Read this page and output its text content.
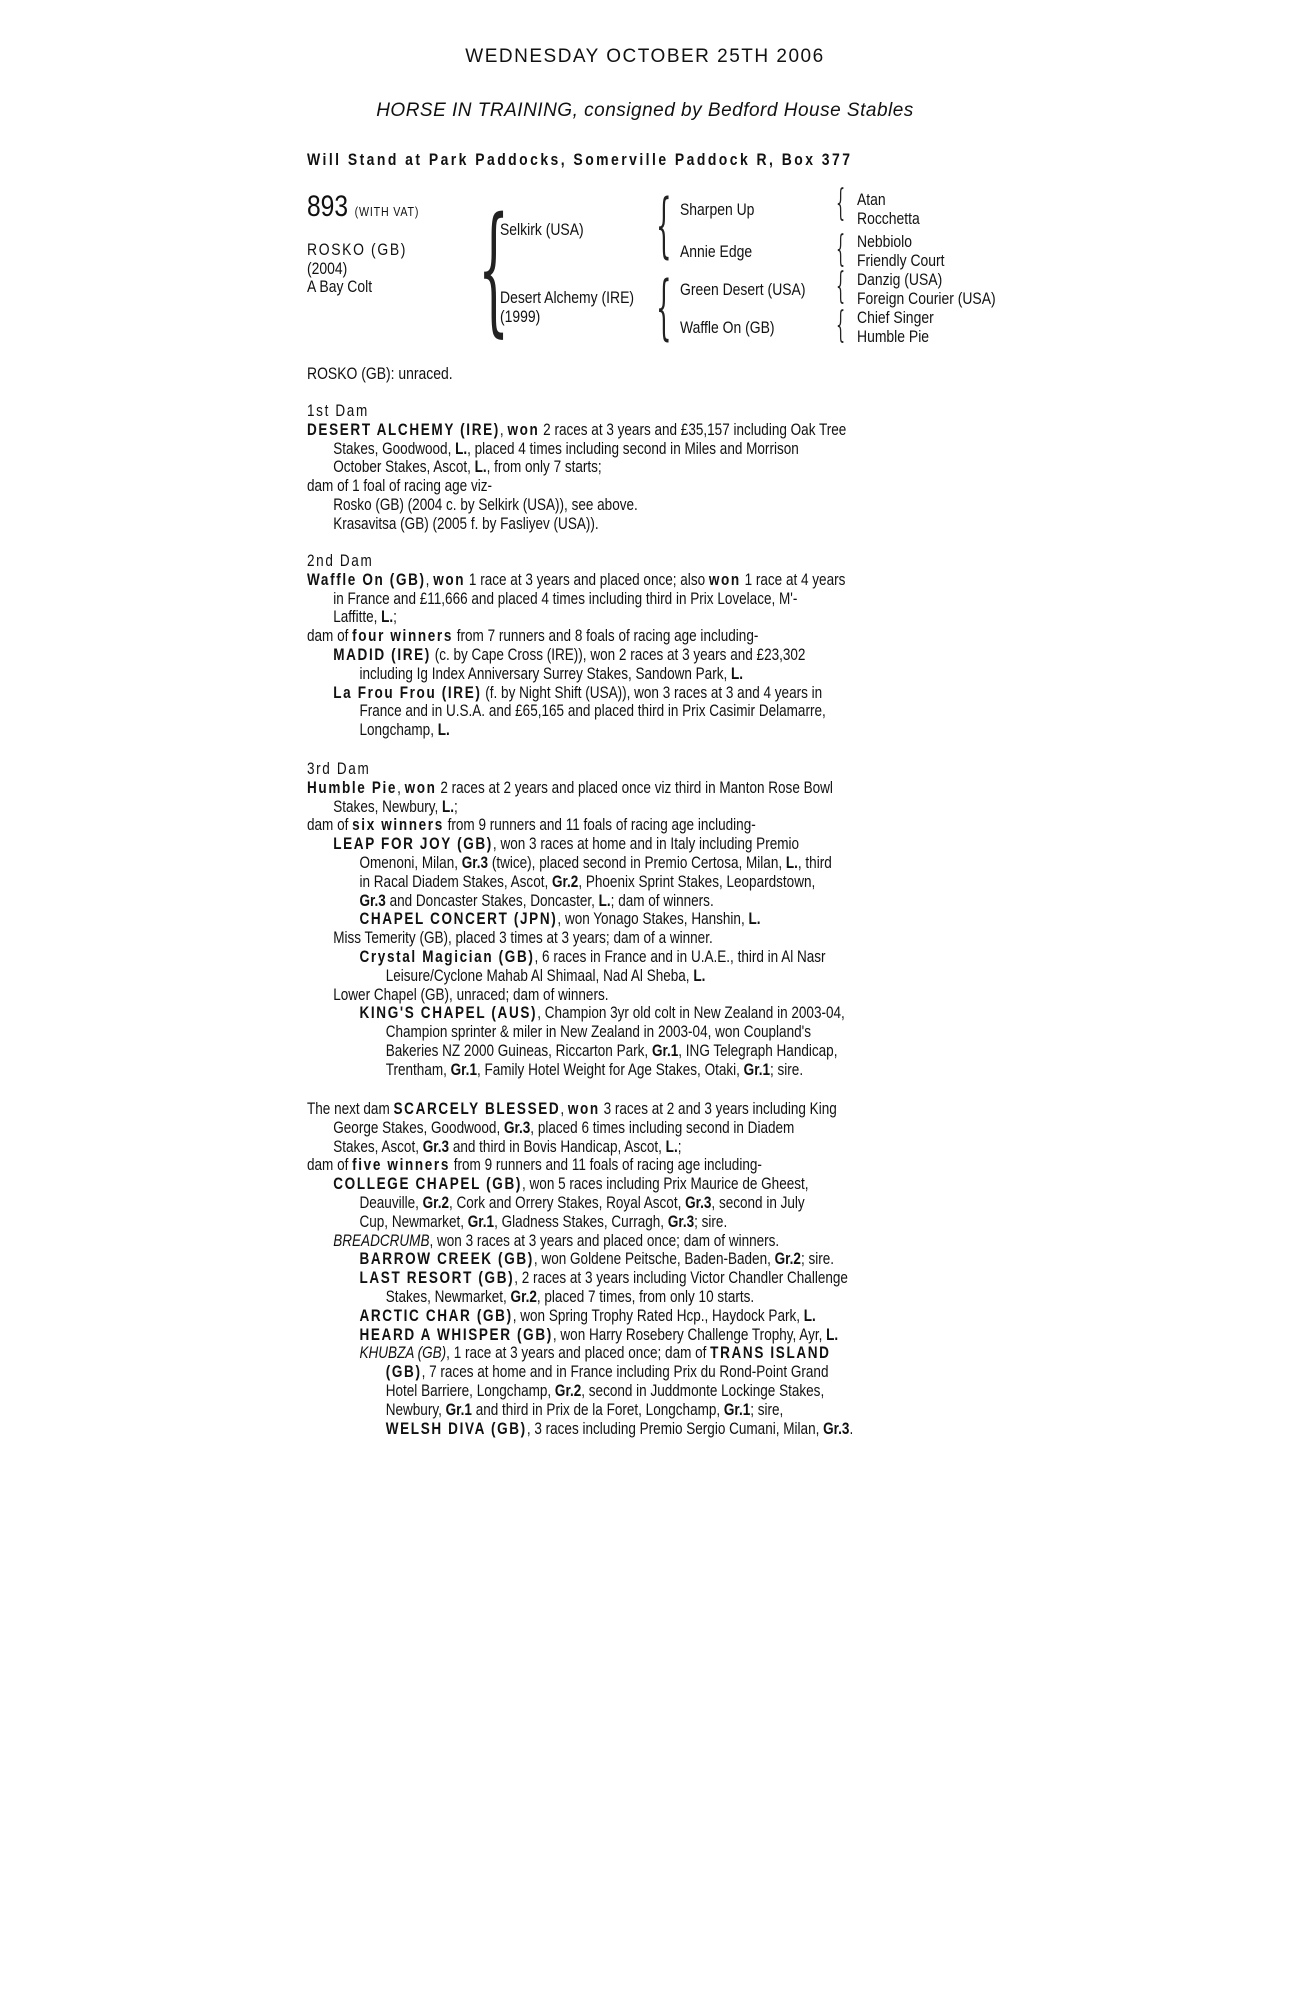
WEDNESDAY OCTOBER 25TH 2006
HORSE IN TRAINING, consigned by Bedford House Stables
Will Stand at Park Paddocks, Somerville Paddock R, Box 377
893 (WITH VAT)
ROSKO (GB)
(2004)
A Bay Colt { {
{
{
{
{
{
Selkirk (USA)
Desert Alchemy (IRE)
(1999)
Sharpen Up
Annie Edge
Green Desert (USA)
Waffle On (GB)
Atan
Rocchetta
Nebbiolo
Friendly Court
Danzig (USA)
Foreign Courier (USA)
Chief Singer
Humble Pie
ROSKO (GB): unraced.
1st Dam
DESERT ALCHEMY (IRE), won 2 races at 3 years and £35,157 including Oak Tree
Stakes, Goodwood, L., placed 4 times including second in Miles and Morrison
October Stakes, Ascot, L., from only 7 starts;
dam of 1 foal of racing age viz-
Rosko (GB) (2004 c. by Selkirk (USA)), see above.
Krasavitsa (GB) (2005 f. by Fasliyev (USA)).
2nd Dam
Waffle On (GB), won 1 race at 3 years and placed once; also won 1 race at 4 years
in France and £11,666 and placed 4 times including third in Prix Lovelace, M'-
Laffitte, L.;
dam of four winners from 7 runners and 8 foals of racing age including-
MADID (IRE) (c. by Cape Cross (IRE)), won 2 races at 3 years and £23,302
including Ig Index Anniversary Surrey Stakes, Sandown Park, L.
La Frou Frou (IRE) (f. by Night Shift (USA)), won 3 races at 3 and 4 years in
France and in U.S.A. and £65,165 and placed third in Prix Casimir Delamarre,
Longchamp, L.
3rd Dam
Humble Pie, won 2 races at 2 years and placed once viz third in Manton Rose Bowl
Stakes, Newbury, L.;
dam of six winners from 9 runners and 11 foals of racing age including-
LEAP FOR JOY (GB), won 3 races at home and in Italy including Premio
Omenoni, Milan, Gr.3 (twice), placed second in Premio Certosa, Milan, L., third
in Racal Diadem Stakes, Ascot, Gr.2, Phoenix Sprint Stakes, Leopardstown,
Gr.3 and Doncaster Stakes, Doncaster, L.; dam of winners.
CHAPEL CONCERT (JPN), won Yonago Stakes, Hanshin, L.
Miss Temerity (GB), placed 3 times at 3 years; dam of a winner.
Crystal Magician (GB), 6 races in France and in U.A.E., third in Al Nasr
Leisure/Cyclone Mahab Al Shimaal, Nad Al Sheba, L.
Lower Chapel (GB), unraced; dam of winners.
KING'S CHAPEL (AUS), Champion 3yr old colt in New Zealand in 2003-04,
Champion sprinter & miler in New Zealand in 2003-04, won Coupland's
Bakeries NZ 2000 Guineas, Riccarton Park, Gr.1, ING Telegraph Handicap,
Trentham, Gr.1, Family Hotel Weight for Age Stakes, Otaki, Gr.1; sire.
The next dam SCARCELY BLESSED, won 3 races at 2 and 3 years including King
George Stakes, Goodwood, Gr.3, placed 6 times including second in Diadem
Stakes, Ascot, Gr.3 and third in Bovis Handicap, Ascot, L.;
dam of five winners from 9 runners and 11 foals of racing age including-
COLLEGE CHAPEL (GB), won 5 races including Prix Maurice de Gheest,
Deauville, Gr.2, Cork and Orrery Stakes, Royal Ascot, Gr.3, second in July
Cup, Newmarket, Gr.1, Gladness Stakes, Curragh, Gr.3; sire.
BREADCRUMB, won 3 races at 3 years and placed once; dam of winners.
BARROW CREEK (GB), won Goldene Peitsche, Baden-Baden, Gr.2; sire.
LAST RESORT (GB), 2 races at 3 years including Victor Chandler Challenge
Stakes, Newmarket, Gr.2, placed 7 times, from only 10 starts.
ARCTIC CHAR (GB), won Spring Trophy Rated Hcp., Haydock Park, L.
HEARD A WHISPER (GB), won Harry Rosebery Challenge Trophy, Ayr, L.
KHUBZA (GB), 1 race at 3 years and placed once; dam of TRANS ISLAND
(GB), 7 races at home and in France including Prix du Rond-Point Grand
Hotel Barriere, Longchamp, Gr.2, second in Juddmonte Lockinge Stakes,
Newbury, Gr.1 and third in Prix de la Foret, Longchamp, Gr.1; sire,
WELSH DIVA (GB), 3 races including Premio Sergio Cumani, Milan, Gr.3.
